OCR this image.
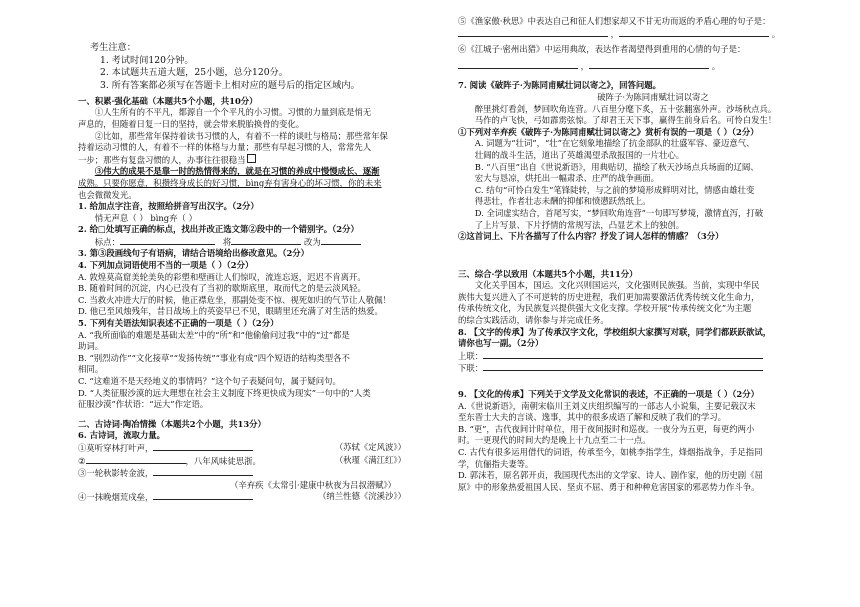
考生注意：

1. 考试时间120分钟。

2. 本试题共五道大题，25小题，总分120分。

3. 所有答案都必须写在答题卡上相对应的题号后的指定区域内。

一、积累·强化基础（本题共5个小题，共10分）

①人生所有的不平凡，都源自一个个平凡的小习惯。习惯的力量到底是悄无

声息的，但随着日复一日的坚持，就会带来脱胎换骨的变化。

②比如，那些常年保持着读书习惯的人，有着不一样的谈吐与格局；那些常年保

持着运动习惯的人，有着不一样的体格与力量；那些有早起习惯的人，常常先人

一步；那些有复盘习惯的人，办事往往很稳当

③伟大的成果不是靠一时的热情得来的，就是在习惯的养成中慢慢成长、逐渐

成熟。只要你愿意，积攒终身成长的好习惯，bìng弃有害身心的坏习惯，你的未来

也会微微发光。

1. 给加点字注音，按照给拼音写出汉字。（2分）

悄无声息（ ） bìng弃（ ）

2. 给□处填写正确的标点，找出并改正选文第②段中的一个错别字。（2分）

标点：	将	改为

3. 第③段画线句子有语病，请结合语境给出修改意见。（2分）

4. 下列加点词语使用不当的一项是（ ）（2分）

A. 敦煌莫高窟美轮美奂的彩塑和壁画让人们惊叹，流连忘返，迟迟不肯离开。

B. 随着时间的沉淀，内心已没有了当初的歇斯底里，取而代之的是云淡风轻。

C. 当救火冲进大厅的时候，他正襟危坐，那副处变不惊、视死如归的气节让人敬佩！

D. 他已至风烛残年，昔日战场上的英姿早已不见，眼睛里还充满了对生活的热爱。

5. 下列有关语法知识表述不正确的一项是（ ）（2分）

A. “我所面临的难题是基础太差”中的“所”和“他偷偷问过我”中的“过”都是

助词。

B. “别烈动作”“文化接草”“发扬传统”“事业有成”四个短语的结构类型各不

相同。

C. “这难道不是天经地义的事情吗？”这个句子表疑问句，属于疑问句。

D. “人类征服沙漠的远大理想在社会主义制度下终更快成为现实”一句中的“人类

征服沙漠”作状语：“远大”作定语。

二、古诗词·陶冶情操（本题共2个小题，共13分）

6. 古诗词，流取力量。

①莫听穿林打叶声，	（苏轼《定风波》）
②	，八年风味徒思浙。	（秋瑾《满江红》）
③一轮秋影转金波，

（辛弃疾《太常引·建康中秋夜为吕叔潜赋》）

④一抹晚烟荒戍垒，	（纳兰性德《浣溪沙》）

⑤《渔家傲·秋思》中表达自己和征人们想家却又不甘无功而返的矛盾心理的句子是：

，	。

⑥《江城子·密州出猎》中运用典故，表达作者渴望得到重用的心情的句子是：

，	。

7. 阅读《破阵子·为陈同甫赋壮词以寄之》，回答问题。

破阵子·为陈同甫赋壮词以寄之

醉里挑灯看剑，梦回吹角连营。八百里分麾下炙，五十弦翻塞外声。沙场秋点兵。

马作的卢飞快，弓如霹雳弦惊。了却君王天下事，赢得生前身后名。可怜白发生！

①下列对辛弃疾《破阵子·为陈同甫赋壮词以寄之》赏析有误的一项是（ ）（2分）

A. 词题为“壮词”，“壮”在它刻象地描绘了抗金部队的壮盛军容、豪迈意气、

壮阔的战斗生活，道出了英雄渴望杀敌报国的一片壮心。

B. “八百里”出自《世说新语》，用典贴切，描绘了秋天沙场点兵场面的辽阔、

宏大与恳凉，烘托出一幅肃杀、庄严的战争画面。

C. 结句“可怜白发生”笔锋陡转，与之前的梦境形成鲜明对比，情感由雄壮变

得悲壮，作者壮志未酬的抑郁和愤懑跃然纸上。

D. 全词虚实结合，首尾写实，“梦回吹角连营”一句即写梦境，激情直泻，打破

了上片写景、下片抒情的常规写法，凸显艺术上的独创。

②这首词上、下片各描写了什么内容？抒发了词人怎样的情感？（3分）

三、综合·学以致用（本题共5个小题，共11分）

文化关乎国本，国运。文化兴则国运兴，文化强则民族强。当前，实现中华民

族伟大复兴进入了不可逆转的历史进程，我们更加需要激活优秀传统文化生命力，

传承传统文化，为民族复兴提供强大文化支撑。学校开展“传承传统文化”为主题

的综合实践活动，请你参与并完成任务。

8. 【文字的传承】为了传承汉字文化，学校组织大家撰写对联，同学们都跃跃欲试，

请你也写一副。（2分）

上联：

下联：

9. 【文化的传承】下列关于文学及文化常识的表述，不正确的一项是（ ）（2分）

A.《世说新语》，南朝宋临川王刘义庆组织编写的一部志人小说集，主要记载汉末

至东晋士大夫的言谈、逸事，其中的很多成语了解和反映了我们的学习。

B. “更”，古代夜间计时单位，用于夜间报时和巡夜。一夜分为五更，每更约两小

时。一更现代的时间大约是晚上十九点至二十一点。

C. 古代有很多运用借代的词语，传承至今，如桃李指学生，烽烟指战争，手足指同

学，伉俪指夫妻等。

D. 郭沫若，原名郭开贞，我国现代杰出的文学家、诗人、剧作家，他的历史剧《屈

原》中的形象热爱祖国人民、坚贞不屈、勇于和种种危害国家的邪恶势力作斗争。
